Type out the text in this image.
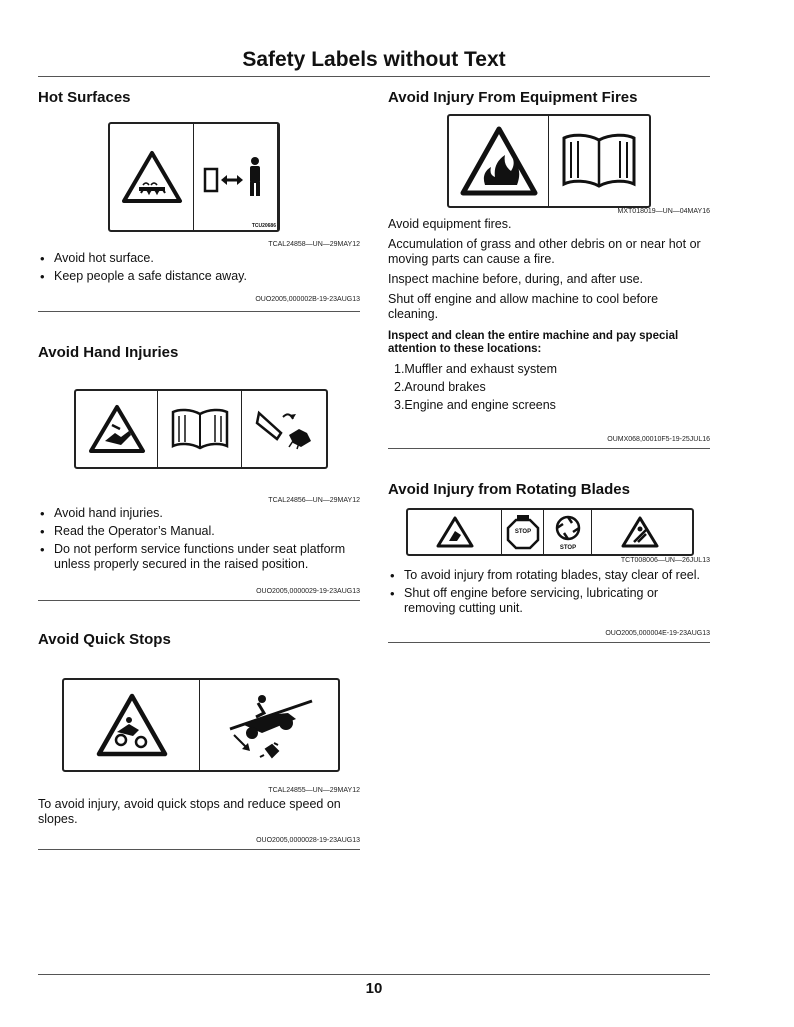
Safety Labels without Text
Hot Surfaces
TCU20686
TCAL24858—UN—29MAY12
• Avoid hot surface.
• Keep people a safe distance away.
OUO2005,000002B-19-23AUG13
Avoid Hand Injuries
TCAL24856—UN—29MAY12
• Avoid hand injuries.
• Read the Operator’s Manual.
• Do not perform service functions under seat platform unless properly secured in the raised position.
OUO2005,0000029-19-23AUG13
Avoid Quick Stops
TCAL24855—UN—29MAY12

To avoid injury, avoid quick stops and reduce speed on slopes.

OUO2005,0000028-19-23AUG13
Avoid Injury From Equipment Fires
MXT018019—UN—04MAY16

Avoid equipment fires.

Accumulation of grass and other debris on or near hot or moving parts can cause a fire.

Inspect machine before, during, and after use.

Shut off engine and allow machine to cool before cleaning.

Inspect and clean the entire machine and pay special attention to these locations:
1.Muffler and exhaust system
2.Around brakes
3.Engine and engine screens
OUMX068,00010F5-19-25JUL16
Avoid Injury from Rotating Blades
STOP
STOP
TCT008006—UN—26JUL13
• To avoid injury from rotating blades, stay clear of reel.
• Shut off engine before servicing, lubricating or removing cutting unit.
OUO2005,000004E-19-23AUG13
10
